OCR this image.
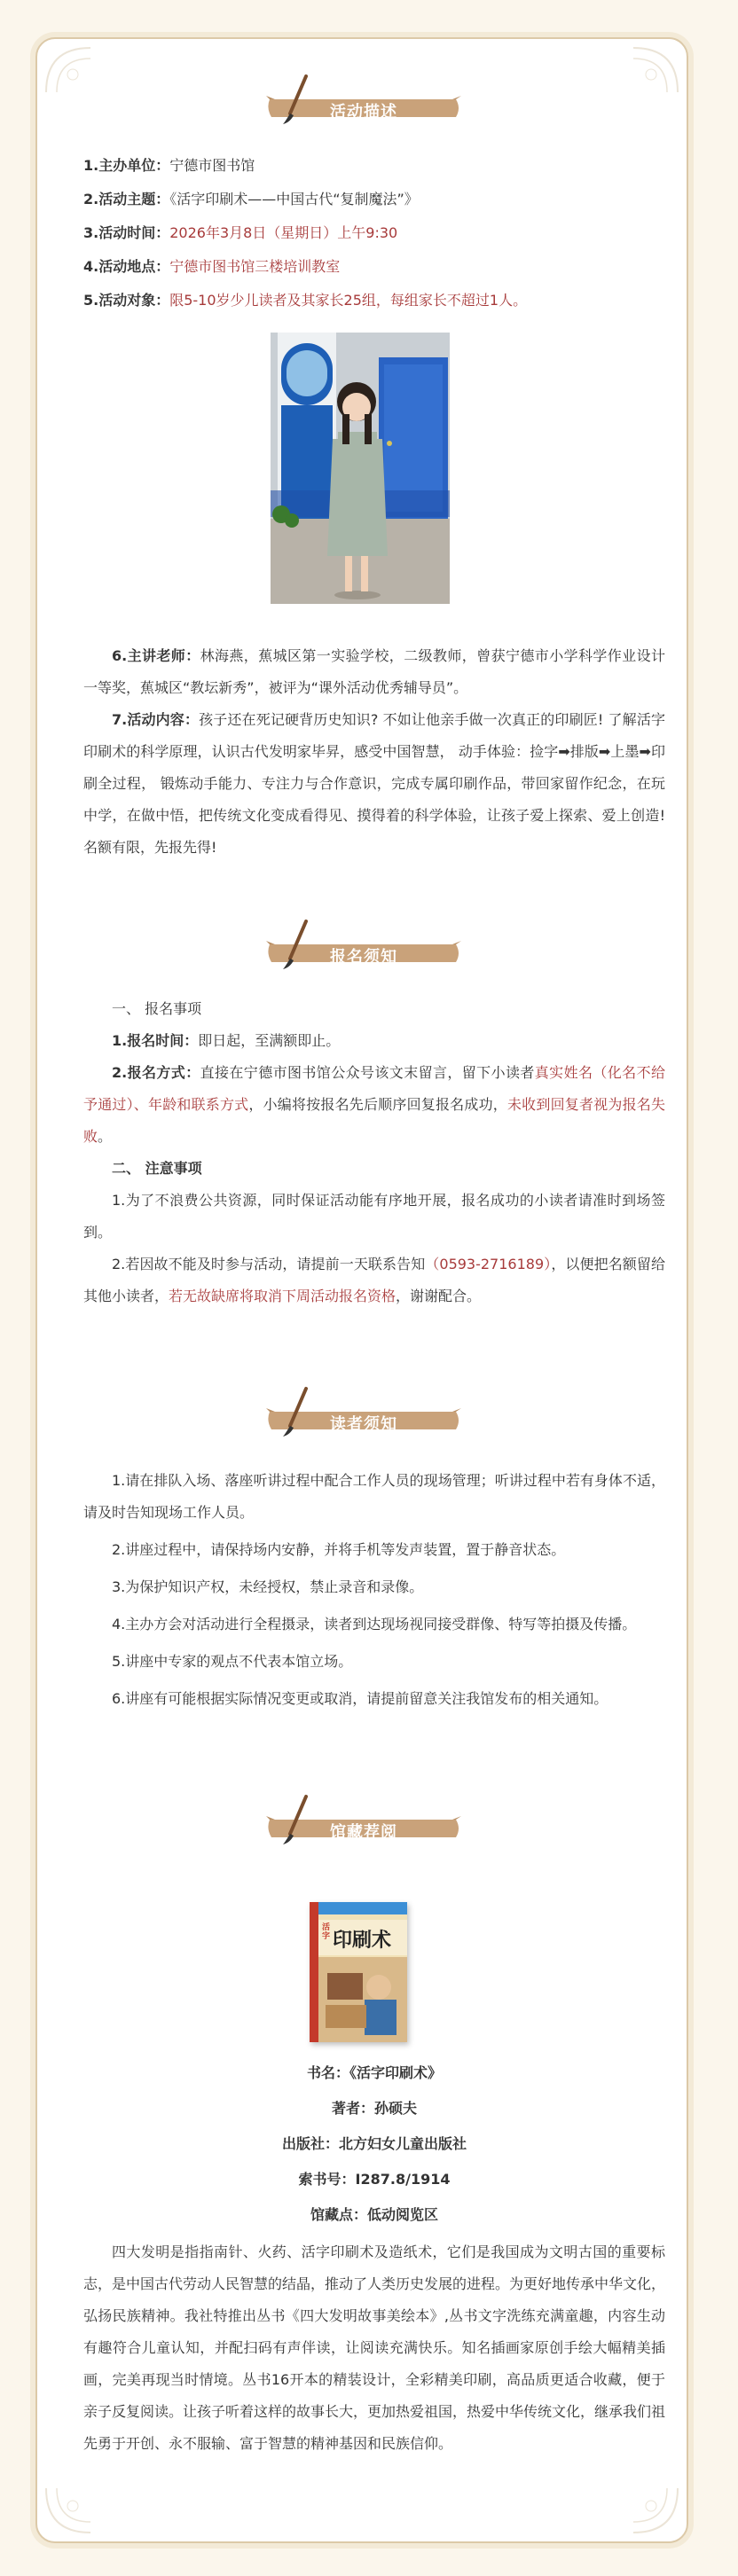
活动描述

1.主办单位：宁德市图书馆

2.活动主题：《活字印刷术——中国古代“复制魔法”》

3.活动时间：2026年3月8日（星期日）上午9:30

4.活动地点：宁德市图书馆三楼培训教室

5.活动对象：限5-10岁少儿读者及其家长25组，每组家长不超过1人。

6.主讲老师：林海燕，蕉城区第一实验学校，二级教师，曾获宁德市小学科学作业设计一等奖，蕉城区“教坛新秀”，被评为“课外活动优秀辅导员”。

7.活动内容：孩子还在死记硬背历史知识? 不如让他亲手做一次真正的印刷匠! 了解活字印刷术的科学原理，认识古代发明家毕昇，感受中国智慧， 动手体验：捡字➡排版➡上墨➡印刷全过程， 锻炼动手能力、专注力与合作意识，完成专属印刷作品，带回家留作纪念，在玩中学，在做中悟，把传统文化变成看得见、摸得着的科学体验，让孩子爱上探索、爱上创造! 名额有限，先报先得!

报名须知

一、 报名事项

1.报名时间：即日起，至满额即止。

2.报名方式：直接在宁德市图书馆公众号该文末留言，留下小读者真实姓名（化名不给予通过）、年龄和联系方式，小编将按报名先后顺序回复报名成功，未收到回复者视为报名失败。

二、 注意事项

1.为了不浪费公共资源，同时保证活动能有序地开展，报名成功的小读者请准时到场签到。

2.若因故不能及时参与活动，请提前一天联系告知（0593-2716189），以便把名额留给其他小读者，若无故缺席将取消下周活动报名资格，谢谢配合。

读者须知

1.请在排队入场、落座听讲过程中配合工作人员的现场管理；听讲过程中若有身体不适，请及时告知现场工作人员。

2.讲座过程中，请保持场内安静，并将手机等发声装置，置于静音状态。

3.为保护知识产权，未经授权，禁止录音和录像。

4.主办方会对活动进行全程摄录，读者到达现场视同接受群像、特写等拍摄及传播。

5.讲座中专家的观点不代表本馆立场。

6.讲座有可能根据实际情况变更或取消，请提前留意关注我馆发布的相关通知。

馆藏荐阅
活字 印刷术

书名：《活字印刷术》

著者：孙硕夫

出版社：北方妇女儿童出版社

索书号：I287.8/1914

馆藏点：低动阅览区

四大发明是指指南针、火药、活字印刷术及造纸术，它们是我国成为文明古国的重要标志，是中国古代劳动人民智慧的结晶，推动了人类历史发展的进程。为更好地传承中华文化，弘扬民族精神。我社特推出丛书《四大发明故事美绘本》,丛书文字洗练充满童趣，内容生动有趣符合儿童认知，并配扫码有声伴读，让阅读充满快乐。知名插画家原创手绘大幅精美插画，完美再现当时情境。丛书16开本的精装设计，全彩精美印刷，高品质更适合收藏，便于亲子反复阅读。让孩子听着这样的故事长大，更加热爱祖国，热爱中华传统文化，继承我们祖先勇于开创、永不服输、富于智慧的精神基因和民族信仰。
